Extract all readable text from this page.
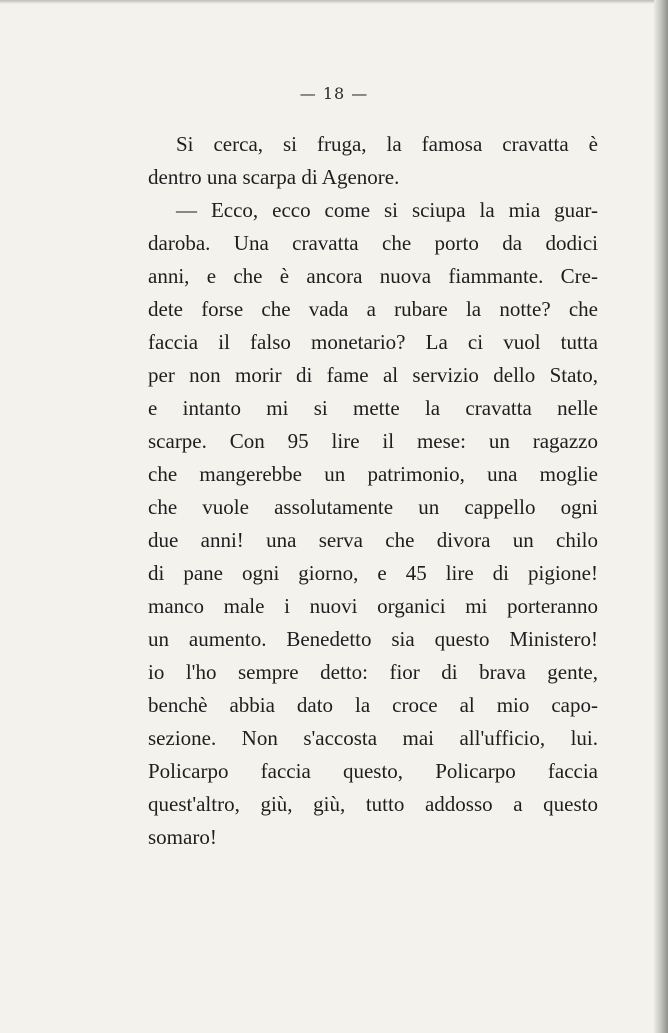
— 18 —
Si cerca, si fruga, la famosa cravatta è
dentro una scarpa di Agenore.
— Ecco, ecco come si sciupa la mia guar-
daroba. Una cravatta che porto da dodici
anni, e che è ancora nuova fiammante. Cre-
dete forse che vada a rubare la notte? che
faccia il falso monetario? La ci vuol tutta
per non morir di fame al servizio dello Stato,
e intanto mi si mette la cravatta nelle
scarpe. Con 95 lire il mese: un ragazzo
che mangerebbe un patrimonio, una moglie
che vuole assolutamente un cappello ogni
due anni! una serva che divora un chilo
di pane ogni giorno, e 45 lire di pigione!
manco male i nuovi organici mi porteranno
un aumento. Benedetto sia questo Ministero!
io l'ho sempre detto: fior di brava gente,
benchè abbia dato la croce al mio capo-
sezione. Non s'accosta mai all'ufficio, lui.
Policarpo faccia questo, Policarpo faccia
quest'altro, giù, giù, tutto addosso a questo
somaro!
